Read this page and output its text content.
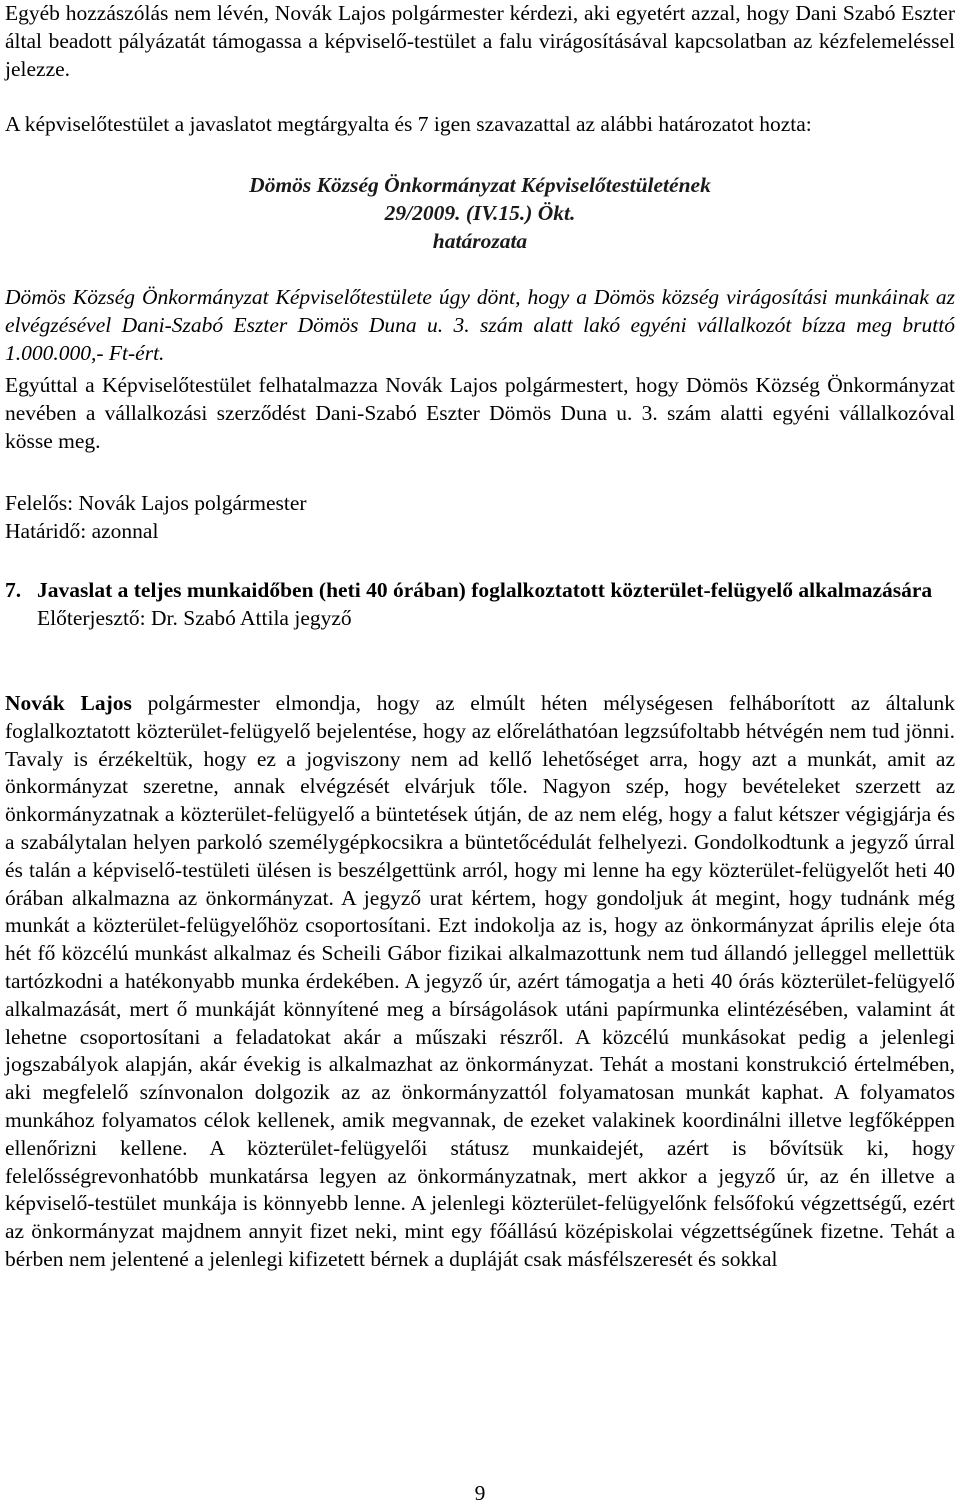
Egyéb hozzászólás nem lévén, Novák Lajos polgármester kérdezi, aki egyetért azzal, hogy Dani Szabó Eszter által beadott pályázatát támogassa a képviselő-testület a falu virágosításával kapcsolatban az kézfelemeléssel jelezze.

A képviselőtestület a javaslatot megtárgyalta és 7 igen szavazattal az alábbi határozatot hozta:

Dömös Község Önkormányzat Képviselőtestületének
29/2009. (IV.15.) Ökt.
határozata

Dömös Község Önkormányzat Képviselőtestülete úgy dönt, hogy a Dömös község virágosítási munkáinak az elvégzésével Dani-Szabó Eszter Dömös Duna u. 3. szám alatt lakó egyéni vállalkozót bízza meg bruttó 1.000.000,- Ft-ért.

Egyúttal a Képviselőtestület felhatalmazza Novák Lajos polgármestert, hogy Dömös Község Önkormányzat nevében a vállalkozási szerződést Dani-Szabó Eszter Dömös Duna u. 3. szám alatti egyéni vállalkozóval kösse meg.

Felelős: Novák Lajos polgármester
Határidő: azonnal
7. Javaslat a teljes munkaidőben (heti 40 órában) foglalkoztatott közterület-felügyelő alkalmazására
Előterjesztő: Dr. Szabó Attila jegyző

Novák Lajos polgármester elmondja, hogy az elmúlt héten mélységesen felháborított az általunk foglalkoztatott közterület-felügyelő bejelentése, hogy az előreláthatóan legzsúfoltabb hétvégén nem tud jönni. Tavaly is érzékeltük, hogy ez a jogviszony nem ad kellő lehetőséget arra, hogy azt a munkát, amit az önkormányzat szeretne, annak elvégzését elvárjuk tőle. Nagyon szép, hogy bevételeket szerzett az önkormányzatnak a közterület-felügyelő a büntetések útján, de az nem elég, hogy a falut kétszer végigjárja és a szabálytalan helyen parkoló személygépkocsikra a büntetőcédulát felhelyezi. Gondolkodtunk a jegyző úrral és talán a képviselő-testületi ülésen is beszélgettünk arról, hogy mi lenne ha egy közterület-felügyelőt heti 40 órában alkalmazna az önkormányzat. A jegyző urat kértem, hogy gondoljuk át megint, hogy tudnánk még munkát a közterület-felügyelőhöz csoportosítani. Ezt indokolja az is, hogy az önkormányzat április eleje óta hét fő közcélú munkást alkalmaz és Scheili Gábor fizikai alkalmazottunk nem tud állandó jelleggel mellettük tartózkodni a hatékonyabb munka érdekében. A jegyző úr, azért támogatja a heti 40 órás közterület-felügyelő alkalmazását, mert ő munkáját könnyítené meg a bírságolások utáni papírmunka elintézésében, valamint át lehetne csoportosítani a feladatokat akár a műszaki részről. A közcélú munkásokat pedig a jelenlegi jogszabályok alapján, akár évekig is alkalmazhat az önkormányzat. Tehát a mostani konstrukció értelmében, aki megfelelő színvonalon dolgozik az az önkormányzattól folyamatosan munkát kaphat. A folyamatos munkához folyamatos célok kellenek, amik megvannak, de ezeket valakinek koordinálni illetve legfőképpen ellenőrizni kellene. A közterület-felügyelői státusz munkaidejét, azért is bővítsük ki, hogy felelősségrevonhatóbb munkatársa legyen az önkormányzatnak, mert akkor a jegyző úr, az én illetve a képviselő-testület munkája is könnyebb lenne. A jelenlegi közterület-felügyelőnk felsőfokú végzettségű, ezért az önkormányzat majdnem annyit fizet neki, mint egy főállású középiskolai végzettségűnek fizetne. Tehát a bérben nem jelentené a jelenlegi kifizetett bérnek a dupláját csak másfélszeresét és sokkal

9
